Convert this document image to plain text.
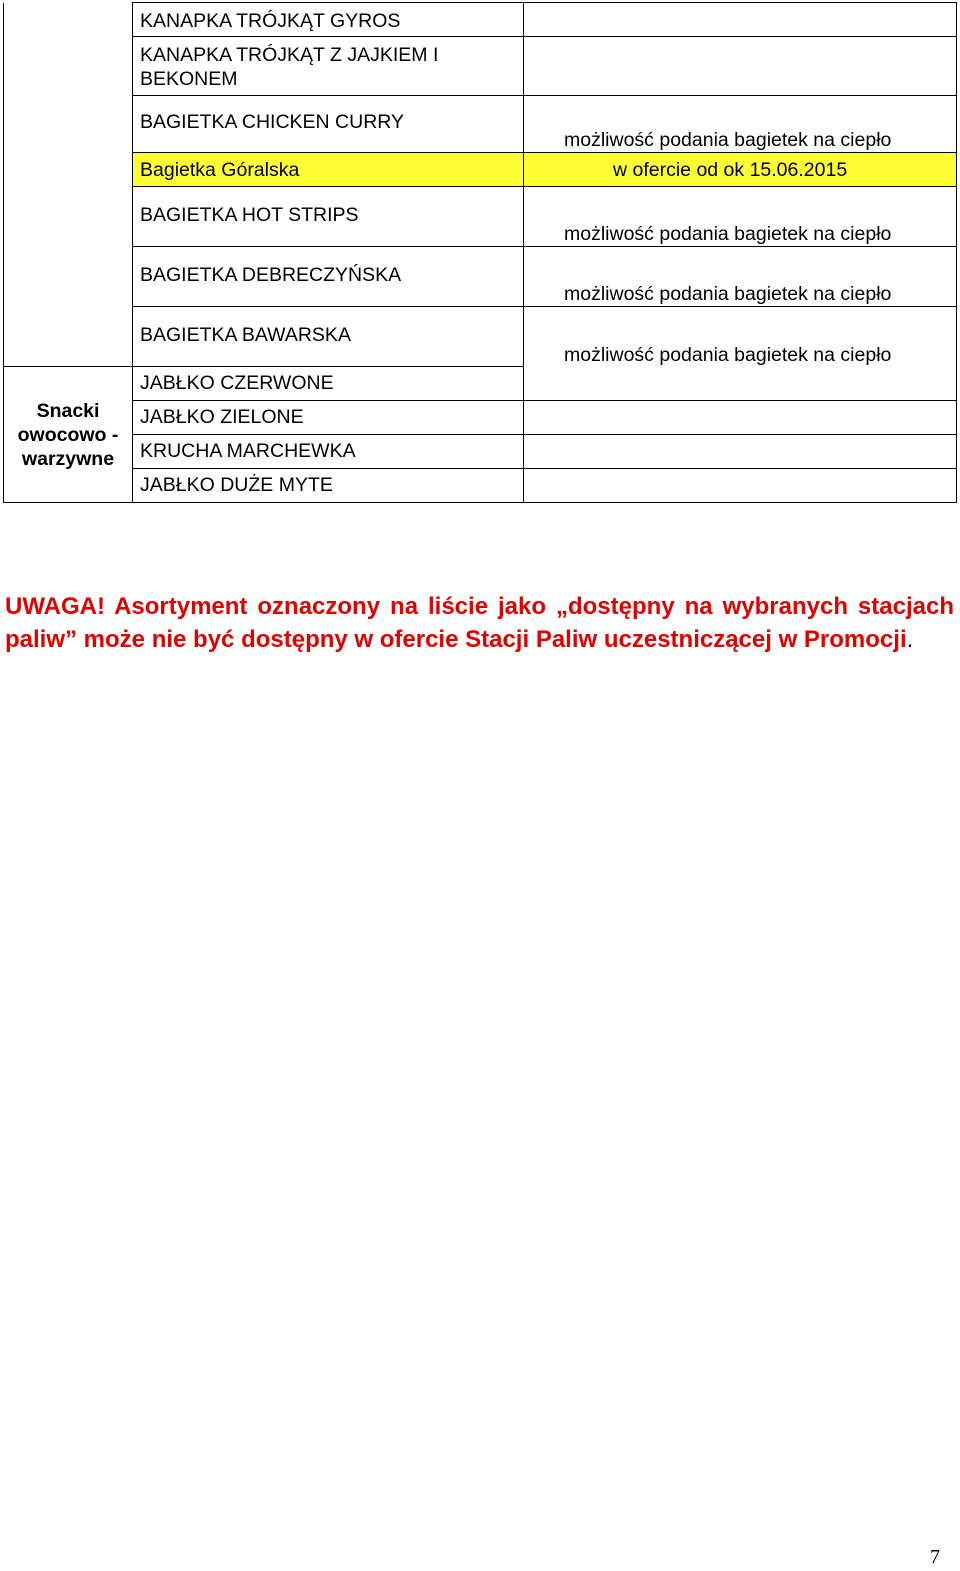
	KANAPKA TRÓJKĄT GYROS	
	KANAPKA TRÓJKĄT Z JAJKIEM I BEKONEM	
	BAGIETKA CHICKEN CURRY	możliwość podania bagietek na ciepło
	Bagietka Góralska	w ofercie od ok 15.06.2015
	BAGIETKA HOT STRIPS	możliwość podania bagietek na ciepło
	BAGIETKA DEBRECZYŃSKA	możliwość podania bagietek na ciepło
	BAGIETKA BAWARSKA	możliwość podania bagietek na ciepło
Snacki owocowo - warzywne	JABŁKO CZERWONE	
	JABŁKO ZIELONE	
	KRUCHA MARCHEWKA	
	JABŁKO DUŻE MYTE	
UWAGA! Asortyment oznaczony na liście jako „dostępny na wybranych stacjach paliw” może nie być dostępny w ofercie Stacji Paliw uczestniczącej w Promocji.
7
